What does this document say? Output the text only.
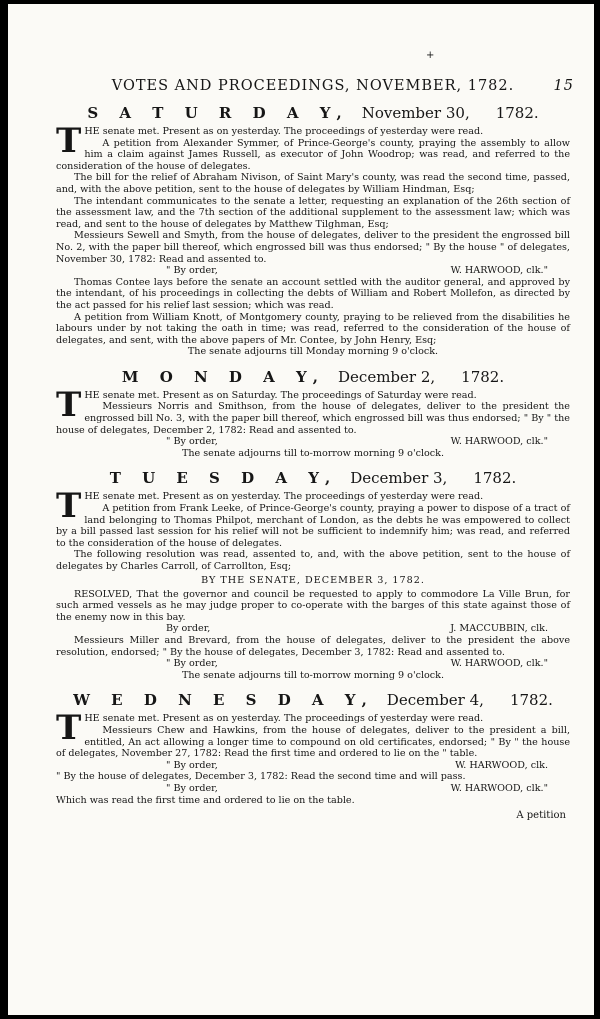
+
VOTES AND PROCEEDINGS, NOVEMBER, 1782.	15
S A T U R D A Y, November 30, 1782.

THE senate met. Present as on yesterday. The proceedings of yesterday were read.

A petition from Alexander Symmer, of Prince-George's county, praying the assembly to allow him a claim against James Russell, as executor of John Woodrop; was read, and referred to the consideration of the house of delegates.

The bill for the relief of Abraham Nivison, of Saint Mary's county, was read the second time, passed, and, with the above petition, sent to the house of delegates by William Hindman, Esq;

The intendant communicates to the senate a letter, requesting an explanation of the 26th section of the assessment law, and the 7th section of the additional supplement to the assessment law; which was read, and sent to the house of delegates by Matthew Tilghman, Esq;

Messieurs Sewell and Smyth, from the house of delegates, deliver to the president the engrossed bill No. 2, with the paper bill thereof, which engrossed bill was thus endorsed; " By the house " of delegates, November 30, 1782: Read and assented to.

" By order,	W. HARWOOD, clk."

Thomas Contee lays before the senate an account settled with the auditor general, and approved by the intendant, of his proceedings in collecting the debts of William and Robert Mollefon, as directed by the act passed for his relief last session; which was read.

A petition from William Knott, of Montgomery county, praying to be relieved from the disabilities he labours under by not taking the oath in time; was read, referred to the consideration of the house of delegates, and sent, with the above papers of Mr. Contee, by John Henry, Esq;

The senate adjourns till Monday morning 9 o'clock.
M O N D A Y, December 2, 1782.

THE senate met. Present as on Saturday. The proceedings of Saturday were read.

Messieurs Norris and Smithson, from the house of delegates, deliver to the president the engrossed bill No. 3, with the paper bill thereof, which engrossed bill was thus endorsed; " By " the house of delegates, December 2, 1782: Read and assented to.

" By order,	W. HARWOOD, clk."
The senate adjourns till to-morrow morning 9 o'clock.
T U E S D A Y, December 3, 1782.

THE senate met. Present as on yesterday. The proceedings of yesterday were read.

A petition from Frank Leeke, of Prince-George's county, praying a power to dispose of a tract of land belonging to Thomas Philpot, merchant of London, as the debts he was empowered to collect by a bill passed last session for his relief will not be sufficient to indemnify him; was read, and referred to the consideration of the house of delegates.

The following resolution was read, assented to, and, with the above petition, sent to the house of delegates by Charles Carroll, of Carrollton, Esq;

BY THE SENATE, DECEMBER 3, 1782.

RESOLVED, That the governor and council be requested to apply to commodore La Ville Brun, for such armed vessels as he may judge proper to co-operate with the barges of this state against those of the enemy now in this bay.

By order,	J. MACCUBBIN, clk.

Messieurs Miller and Brevard, from the house of delegates, deliver to the president the above resolution, endorsed; " By the house of delegates, December 3, 1782: Read and assented to.

" By order,	W. HARWOOD, clk."
The senate adjourns till to-morrow morning 9 o'clock.
W E D N E S D A Y, December 4, 1782.

THE senate met. Present as on yesterday. The proceedings of yesterday were read.

Messieurs Chew and Hawkins, from the house of delegates, deliver to the president a bill, entitled, An act allowing a longer time to compound on old certificates, endorsed; " By " the house of delegates, November 27, 1782: Read the first time and ordered to lie on the " table.

" By order,	W. HARWOOD, clk.

" By the house of delegates, December 3, 1782: Read the second time and will pass.

" By order,	W. HARWOOD, clk."

Which was read the first time and ordered to lie on the table.

A petition
